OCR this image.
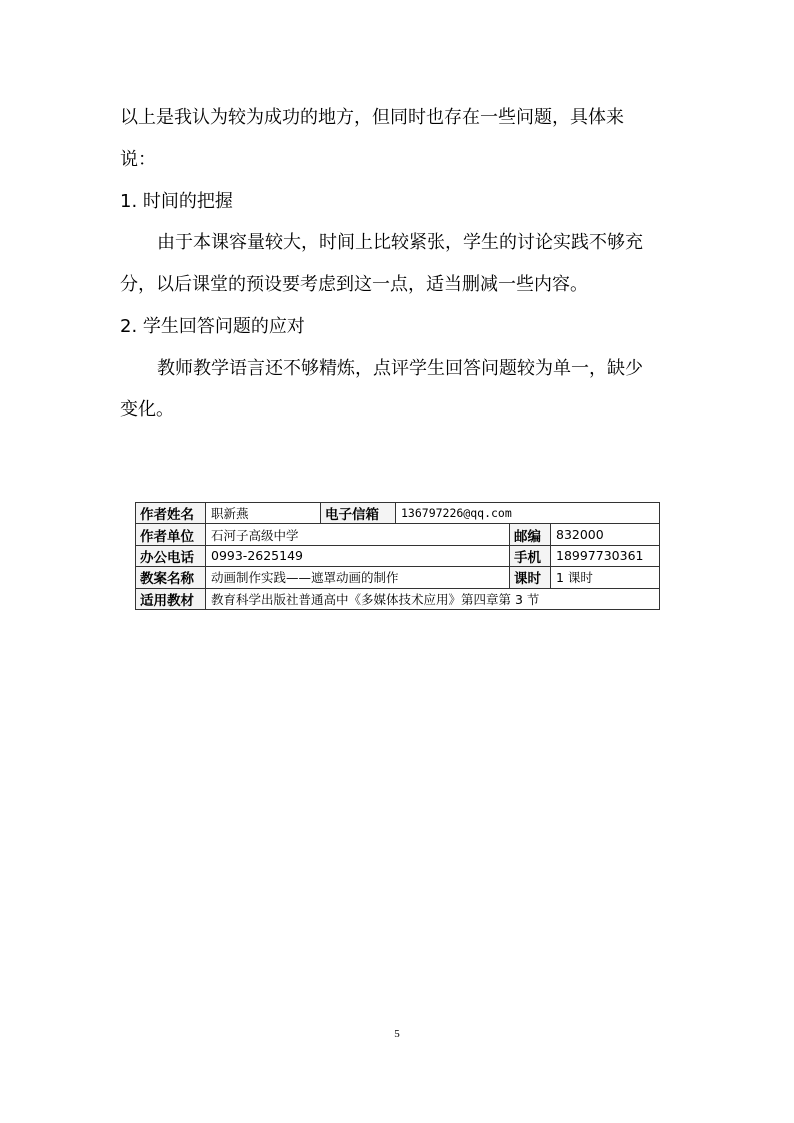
以上是我认为较为成功的地方，但同时也存在一些问题，具体来

说：

1. 时间的把握

由于本课容量较大，时间上比较紧张，学生的讨论实践不够充

分，以后课堂的预设要考虑到这一点，适当删减一些内容。

2. 学生回答问题的应对

教师教学语言还不够精炼，点评学生回答问题较为单一，缺少

变化。

作者姓名	职新燕	电子信箱	136797226@qq.com		
作者单位	石河子高级中学			邮编	832000
办公电话	0993-2625149			手机	18997730361
教案名称	动画制作实践——遮罩动画的制作			课时	1 课时
适用教材	教育科学出版社普通高中《多媒体技术应用》第四章第 3 节				
5
